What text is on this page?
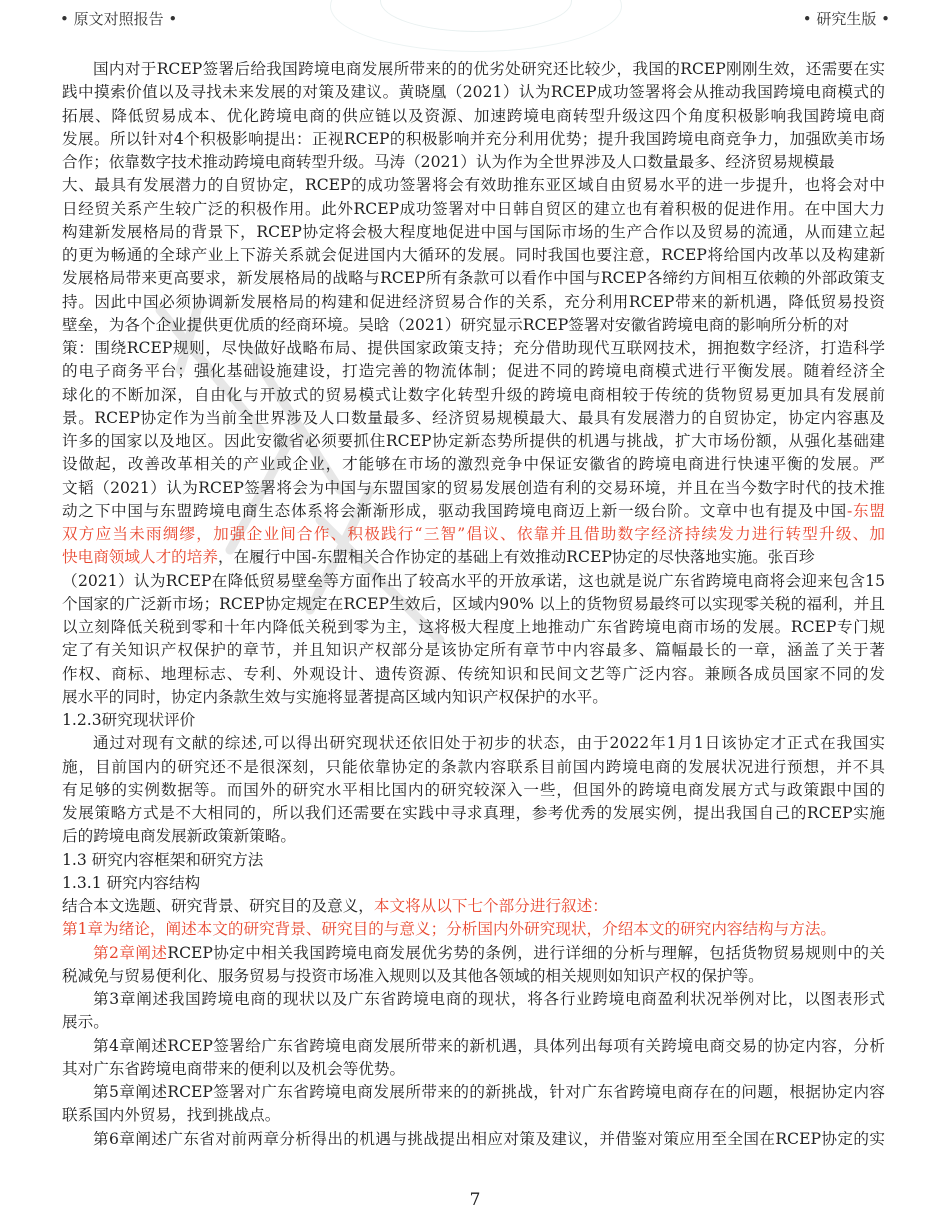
• 原文对照报告 •	• 研究生版 •
国内对于RCEP签署后给我国跨境电商发展所带来的的优劣处研究还比较少，我国的RCEP刚刚生效，还需要在实
践中摸索价值以及寻找未来发展的对策及建议。黄晓凰（2021）认为RCEP成功签署将会从推动我国跨境电商模式的
拓展、降低贸易成本、优化跨境电商的供应链以及资源、加速跨境电商转型升级这四个角度积极影响我国跨境电商
发展。所以针对4个积极影响提出：正视RCEP的积极影响并充分利用优势；提升我国跨境电商竞争力，加强欧美市场
合作；依靠数字技术推动跨境电商转型升级。马涛（2021）认为作为全世界涉及人口数量最多、经济贸易规模最
大、最具有发展潜力的自贸协定，RCEP的成功签署将会有效助推东亚区域自由贸易水平的进一步提升，也将会对中
日经贸关系产生较广泛的积极作用。此外RCEP成功签署对中日韩自贸区的建立也有着积极的促进作用。在中国大力
构建新发展格局的背景下，RCEP协定将会极大程度地促进中国与国际市场的生产合作以及贸易的流通，从而建立起
的更为畅通的全球产业上下游关系就会促进国内大循环的发展。同时我国也要注意，RCEP将给国内改革以及构建新
发展格局带来更高要求，新发展格局的战略与RCEP所有条款可以看作中国与RCEP各缔约方间相互依赖的外部政策支
持。因此中国必须协调新发展格局的构建和促进经济贸易合作的关系，充分利用RCEP带来的新机遇，降低贸易投资
壁垒，为各个企业提供更优质的经商环境。吴晗（2021）研究显示RCEP签署对安徽省跨境电商的影响所分析的对
策：围绕RCEP规则，尽快做好战略布局、提供国家政策支持；充分借助现代互联网技术，拥抱数字经济，打造科学
的电子商务平台；强化基础设施建设，打造完善的物流体制；促进不同的跨境电商模式进行平衡发展。随着经济全
球化的不断加深，自由化与开放式的贸易模式让数字化转型升级的跨境电商相较于传统的货物贸易更加具有发展前
景。RCEP协定作为当前全世界涉及人口数量最多、经济贸易规模最大、最具有发展潜力的自贸协定，协定内容惠及
许多的国家以及地区。因此安徽省必须要抓住RCEP协定新态势所提供的机遇与挑战，扩大市场份额，从强化基础建
设做起，改善改革相关的产业或企业，才能够在市场的激烈竞争中保证安徽省的跨境电商进行快速平衡的发展。严
文韬（2021）认为RCEP签署将会为中国与东盟国家的贸易发展创造有利的交易环境，并且在当今数字时代的技术推
动之下中国与东盟跨境电商生态体系将会渐渐形成，驱动我国跨境电商迈上新一级台阶。文章中也有提及中国-东盟
双方应当未雨绸缪，加强企业间合作、积极践行“三智”倡议、依靠并且借助数字经济持续发力进行转型升级、加
快电商领域人才的培养，在履行中国-东盟相关合作协定的基础上有效推动RCEP协定的尽快落地实施。张百珍
（2021）认为RCEP在降低贸易壁垒等方面作出了较高水平的开放承诺，这也就是说广东省跨境电商将会迎来包含15
个国家的广泛新市场；RCEP协定规定在RCEP生效后，区域内90% 以上的货物贸易最终可以实现零关税的福利，并且
以立刻降低关税到零和十年内降低关税到零为主，这将极大程度上地推动广东省跨境电商市场的发展。RCEP专门规
定了有关知识产权保护的章节，并且知识产权部分是该协定所有章节中内容最多、篇幅最长的一章，涵盖了关于著
作权、商标、地理标志、专利、外观设计、遗传资源、传统知识和民间文艺等广泛内容。兼顾各成员国家不同的发
展水平的同时，协定内条款生效与实施将显著提高区域内知识产权保护的水平。
1.2.3研究现状评价
通过对现有文献的综述,可以得出研究现状还依旧处于初步的状态，由于2022年1月1日该协定才正式在我国实
施，目前国内的研究还不是很深刻，只能依靠协定的条款内容联系目前国内跨境电商的发展状况进行预想，并不具
有足够的实例数据等。而国外的研究水平相比国内的研究较深入一些，但国外的跨境电商发展方式与政策跟中国的
发展策略方式是不大相同的，所以我们还需要在实践中寻求真理，参考优秀的发展实例，提出我国自己的RCEP实施
后的跨境电商发展新政策新策略。
1.3 研究内容框架和研究方法
1.3.1 研究内容结构
结合本文选题、研究背景、研究目的及意义，本文将从以下七个部分进行叙述：
第1章为绪论，阐述本文的研究背景、研究目的与意义；分析国内外研究现状，介绍本文的研究内容结构与方法。
第2章阐述RCEP协定中相关我国跨境电商发展优劣势的条例，进行详细的分析与理解，包括货物贸易规则中的关
税减免与贸易便利化、服务贸易与投资市场准入规则以及其他各领域的相关规则如知识产权的保护等。
第3章阐述我国跨境电商的现状以及广东省跨境电商的现状，将各行业跨境电商盈利状况举例对比，以图表形式
展示。
第4章阐述RCEP签署给广东省跨境电商发展所带来的新机遇，具体列出每项有关跨境电商交易的协定内容，分析
其对广东省跨境电商带来的便利以及机会等优势。
第5章阐述RCEP签署对广东省跨境电商发展所带来的的新挑战，针对广东省跨境电商存在的问题，根据协定内容
联系国内外贸易，找到挑战点。
第6章阐述广东省对前两章分析得出的机遇与挑战提出相应对策及建议，并借鉴对策应用至全国在RCEP协定的实
7
